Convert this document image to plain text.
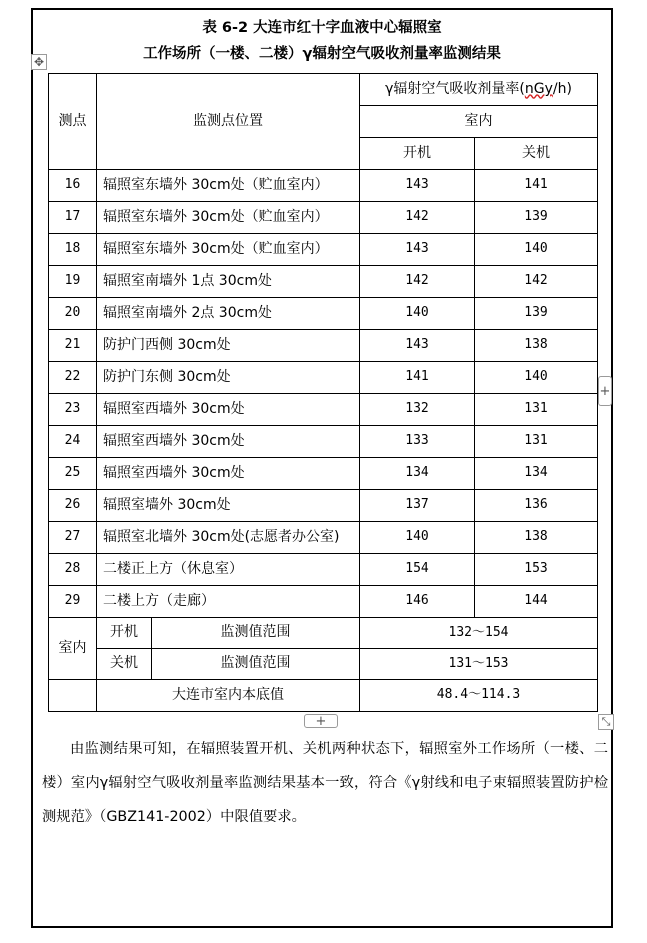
表 6-2 大连市红十字血液中心辐照室
工作场所（一楼、二楼）γ辐射空气吸收剂量率监测结果
✥
测点	监测点位置		γ辐射空气吸收剂量率(nGy/h)	
			室内	
			开机	关机
16	辐照室东墙外 30cm处（贮血室内）		143	141
17	辐照室东墙外 30cm处（贮血室内）		142	139
18	辐照室东墙外 30cm处（贮血室内）		143	140
19	辐照室南墙外 1点 30cm处		142	142
20	辐照室南墙外 2点 30cm处		140	139
21	防护门西侧 30cm处		143	138
22	防护门东侧 30cm处		141	140
23	辐照室西墙外 30cm处		132	131
24	辐照室西墙外 30cm处		133	131
25	辐照室西墙外 30cm处		134	134
26	辐照室墙外 30cm处		137	136
27	辐照室北墙外 30cm处(志愿者办公室)		140	138
28	二楼正上方（休息室）		154	153
29	二楼上方（走廊）		146	144
室内	开机	监测值范围	132～154	
	关机	监测值范围	131～153	
	大连市室内本底值		48.4～114.3	
+
+	⤡
由监测结果可知，在辐照装置开机、关机两种状态下，辐照室外工作场所（一楼、二楼）室内γ辐射空气吸收剂量率监测结果基本一致，符合《γ射线和电子束辐照装置防护检测规范》（GBZ141-2002）中限值要求。
